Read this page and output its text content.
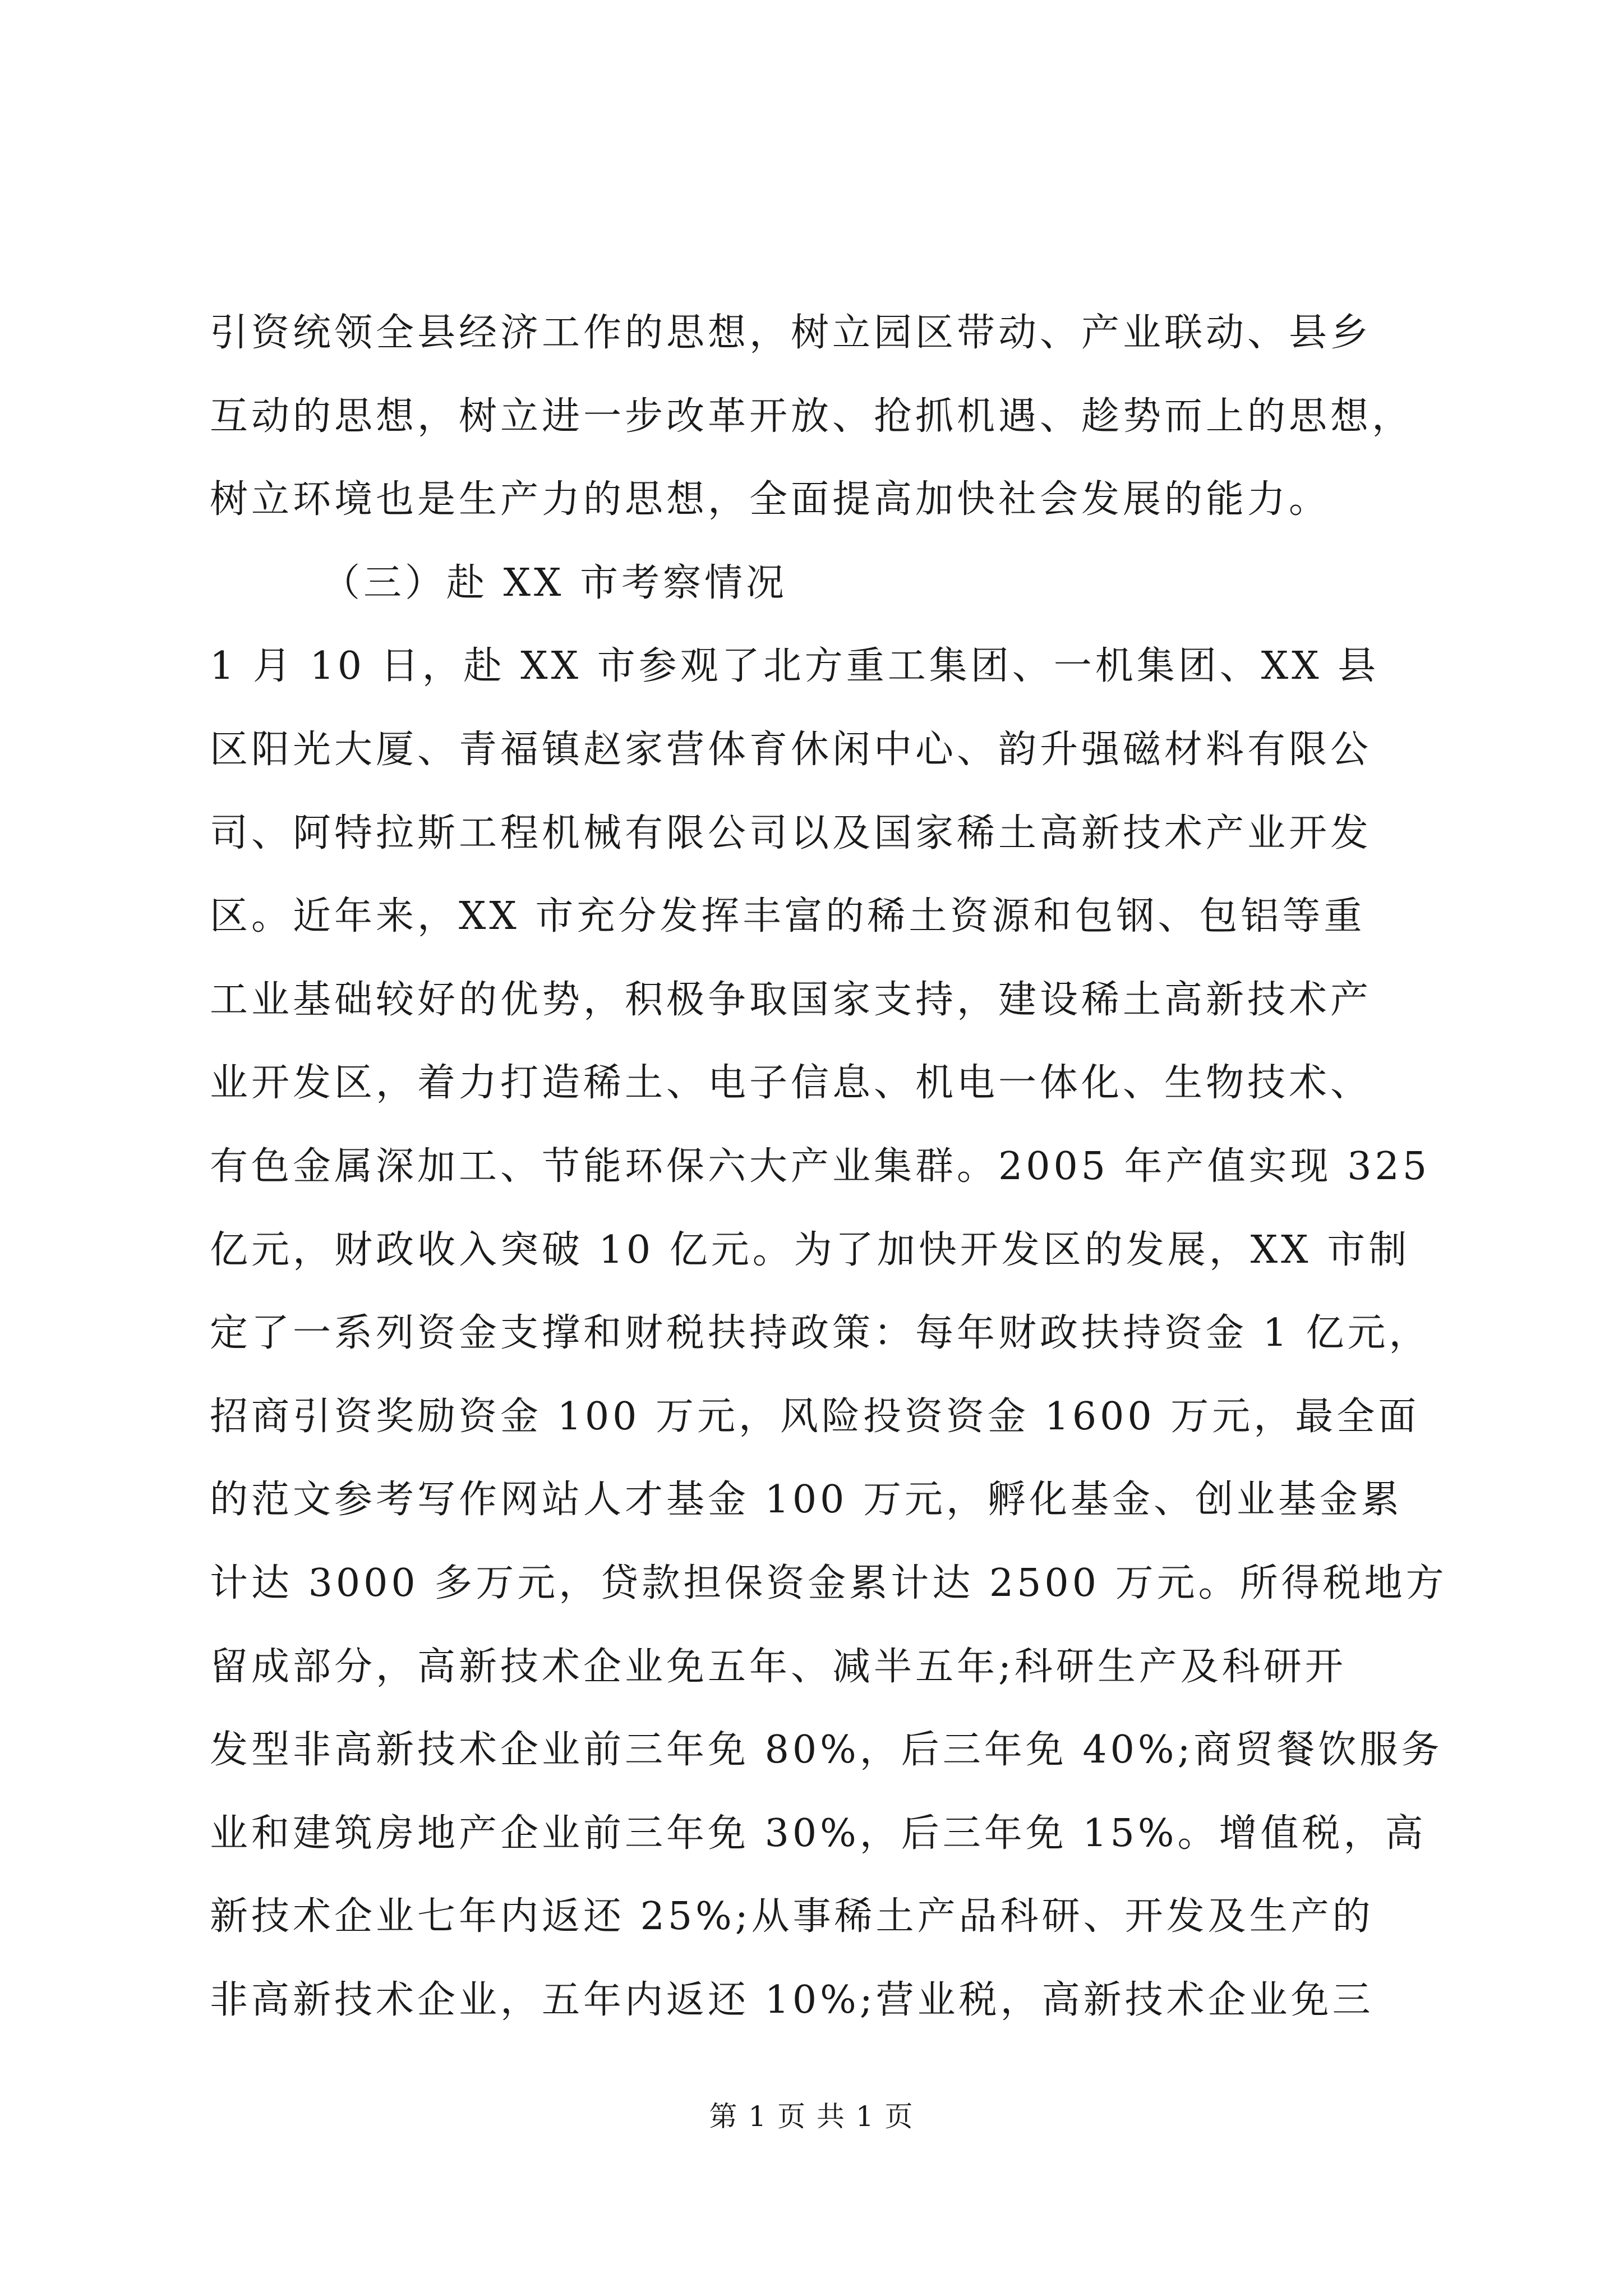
引资统领全县经济工作的思想，树立园区带动、产业联动、县乡
互动的思想，树立进一步改革开放、抢抓机遇、趁势而上的思想，
树立环境也是生产力的思想，全面提高加快社会发展的能力。
（三）赴 XX 市考察情况
1 月 10 日，赴 XX 市参观了北方重工集团、一机集团、XX 县
区阳光大厦、青福镇赵家营体育休闲中心、韵升强磁材料有限公
司、阿特拉斯工程机械有限公司以及国家稀土高新技术产业开发
区。近年来，XX 市充分发挥丰富的稀土资源和包钢、包铝等重
工业基础较好的优势，积极争取国家支持，建设稀土高新技术产
业开发区，着力打造稀土、电子信息、机电一体化、生物技术、
有色金属深加工、节能环保六大产业集群。2005 年产值实现 325
亿元，财政收入突破 10 亿元。为了加快开发区的发展，XX 市制
定了一系列资金支撑和财税扶持政策：每年财政扶持资金 1 亿元，
招商引资奖励资金 100 万元，风险投资资金 1600 万元，最全面
的范文参考写作网站人才基金 100 万元，孵化基金、创业基金累
计达 3000 多万元，贷款担保资金累计达 2500 万元。所得税地方
留成部分，高新技术企业免五年、减半五年;科研生产及科研开
发型非高新技术企业前三年免 80%，后三年免 40%;商贸餐饮服务
业和建筑房地产企业前三年免 30%，后三年免 15%。增值税，高
新技术企业七年内返还 25%;从事稀土产品科研、开发及生产的
非高新技术企业，五年内返还 10%;营业税，高新技术企业免三
第 1 页 共 1 页
